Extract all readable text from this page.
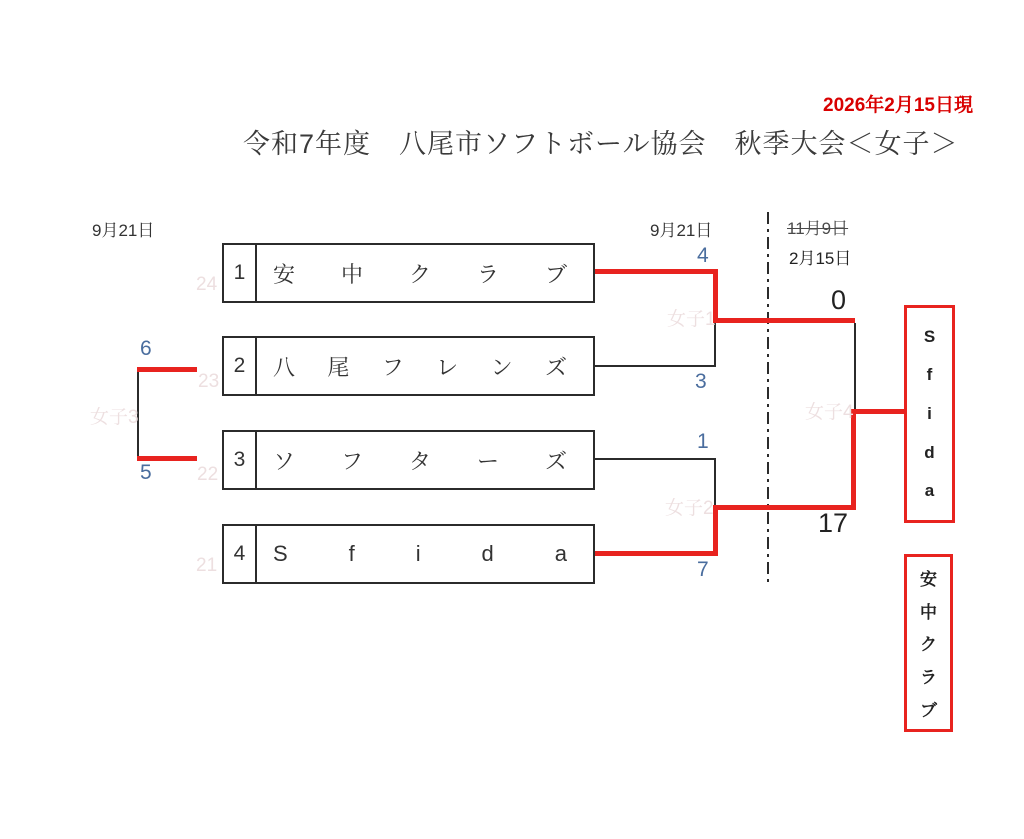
2026年2月15日現
令和7年度　八尾市ソフトボール協会　秋季大会＜女子＞
9月21日	9月21日	11月9日
2月15日
1	安 中 ク ラ ブ
2	八 尾 フ レ ン ズ
3	ソ フ タ ー ズ
4	S	f	i	d	a
4
3
1
7
6
5
0
17
女子1
女子2
女子3	女子4
24
23
22
21
S
f
i
d
a
安
中
ク
ラ
ブ
